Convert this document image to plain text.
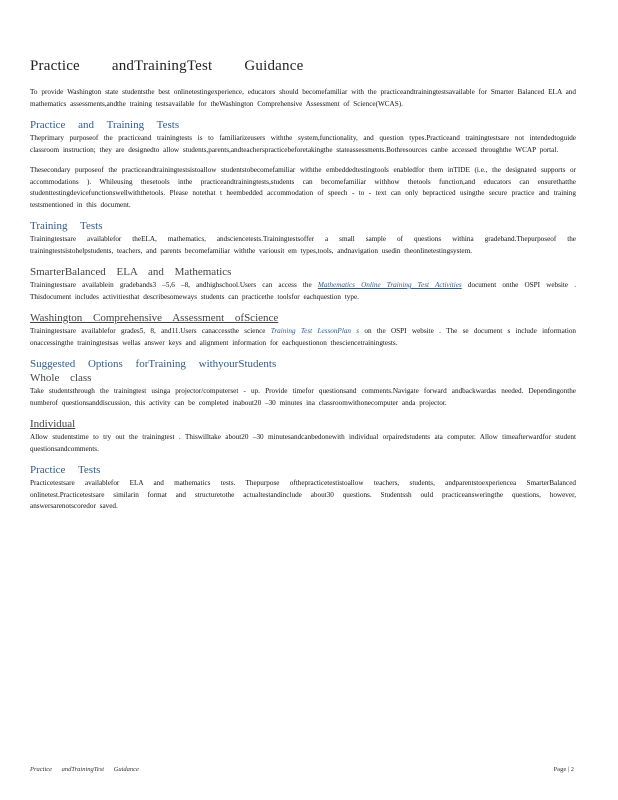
Practice andTrainingTest Guidance

To provide Washington state studentsthe best onlinetestingexperience, educators should becomefamiliar with the practiceandtrainingtestsavailable for Smarter Balanced ELA and mathematics assessments,andthe training testsavailable for theWashington Comprehensive Assessment of Science(WCAS).

Practice and Training Tests

Theprimary purposeof the practiceand trainingtests is to familiarizeusers withthe system,functionality, and question types.Practiceand trainingtestsare not intendedtoguide classroom instruction; they are designedto allow students,parents,andteacherspracticebeforetakingthe stateassessments.Bothresources canbe accessed throughthe WCAP portal.

Thesecondary purposeof the practiceandtrainingtestsistoallow studentstobecomefamiliar withthe embeddedtestingtools enabledfor them inTIDE (i.e., the designated supports or accommodations ). Whileusing thesetools inthe practiceandtrainingtests,students can becomefamiliar withhow thetools function,and educators can ensurethatthe studenttestingdevicefunctionswellwiththetools. Please notethat t heembedded accommodation of speech - to - text can only bepracticed usingthe secure practice and training testsmentioned in this document.

Training Tests

Trainingtestsare availablefor theELA, mathematics, andsciencetests.Trainingtestsoffer a small sample of questions withina gradeband.Thepurposeof the trainingtestsistohelpstudents, teachers, and parents becomefamiliar withthe variousit em types,tools, andnavigation usedin theonlinetestingsystem.

SmarterBalanced ELA and Mathematics

Trainingtestsare availablein gradebands3 –5,6 –8, andhighschool.Users can access the Mathematics Online Training Test Activities document onthe OSPI website . Thisdocument includes activitiesthat describesomeways students can practicethe toolsfor eachquestion type.

Washington Comprehensive Assessment ofScience

Trainingtestsare availablefor grades5, 8, and11.Users canaccessthe science Training Test LessonPlan s on the OSPI website . The se document s include information onaccessingthe trainingtestsas wellas answer keys and alignment information for eachquestionon thesciencetrainingtests.

Suggested Options forTraining withyourStudents
Whole class

Take studentsthrough the trainingtest usinga projector/computerset - up. Provide timefor questionsand comments.Navigate forward andbackwardas needed. Dependingonthe numberof questionsanddiscussion, this activity can be completed inabout20 –30 minutes ina classroomwithonecomputer anda projector.

Individual

Allow studentstime to try out the trainingtest . Thiswilltake about20 –30 minutesandcanbedonewith individual orpairedstudents ata computer. Allow timeafterwardfor student questionsandcomments.

Practice Tests

Practicetestsare availablefor ELA and mathematics tests. Thepurpose ofthepracticetestistoallow teachers, students, andparentstoexperiencea SmarterBalanced onlinetest.Practicetestsare similarin format and structuretothe actualtestandinclude about30 questions. Studentssh ould practiceansweringthe questions, however, answersarenotscoredor saved.

Practice andTrainingTest Guidance	Page | 2
